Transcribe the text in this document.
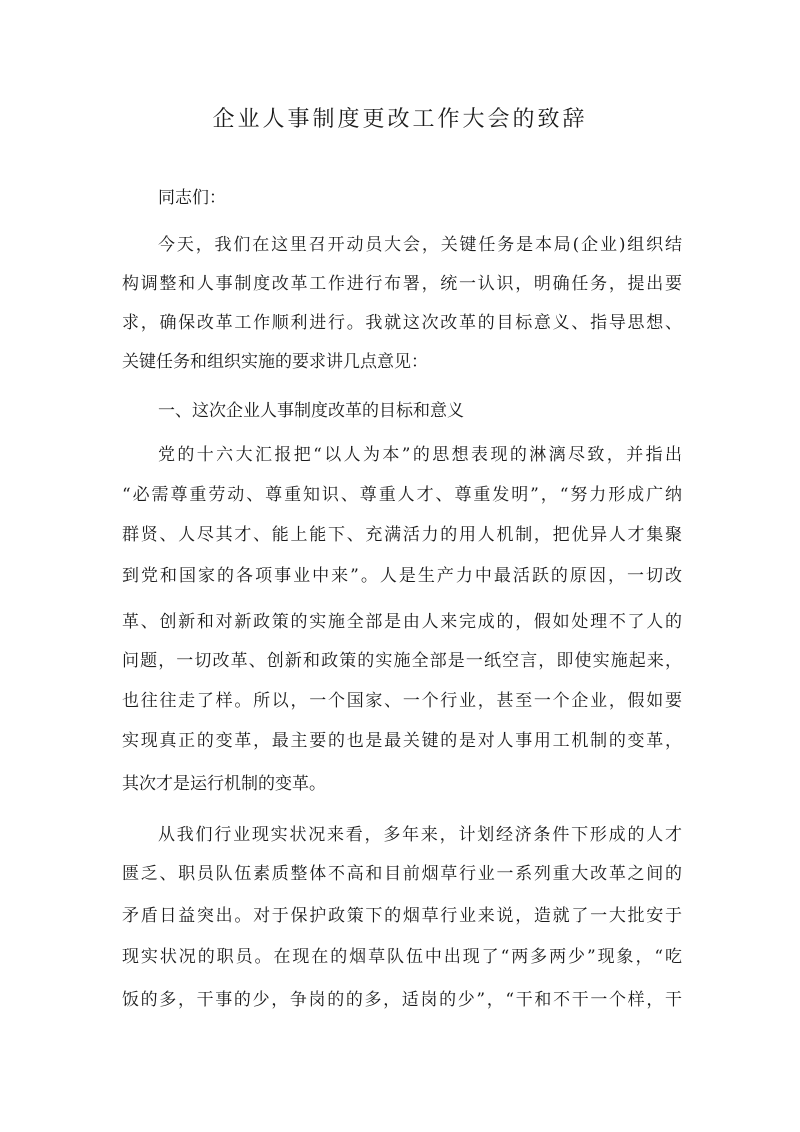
企业人事制度更改工作大会的致辞
同志们：
今天，我们在这里召开动员大会，关键任务是本局(企业)组织结
构调整和人事制度改革工作进行布署，统一认识，明确任务，提出要
求，确保改革工作顺利进行。我就这次改革的目标意义、指导思想、
关键任务和组织实施的要求讲几点意见：
一、这次企业人事制度改革的目标和意义
党的十六大汇报把“以人为本”的思想表现的淋漓尽致，并指出
“必需尊重劳动、尊重知识、尊重人才、尊重发明”，“努力形成广纳
群贤、人尽其才、能上能下、充满活力的用人机制，把优异人才集聚
到党和国家的各项事业中来”。人是生产力中最活跃的原因，一切改
革、创新和对新政策的实施全部是由人来完成的，假如处理不了人的
问题，一切改革、创新和政策的实施全部是一纸空言，即使实施起来，
也往往走了样。所以，一个国家、一个行业，甚至一个企业，假如要
实现真正的变革，最主要的也是最关键的是对人事用工机制的变革，
其次才是运行机制的变革。
从我们行业现实状况来看，多年来，计划经济条件下形成的人才
匮乏、职员队伍素质整体不高和目前烟草行业一系列重大改革之间的
矛盾日益突出。对于保护政策下的烟草行业来说，造就了一大批安于
现实状况的职员。在现在的烟草队伍中出现了“两多两少”现象，“吃
饭的多，干事的少，争岗的的多，适岗的少”，“干和不干一个样，干
